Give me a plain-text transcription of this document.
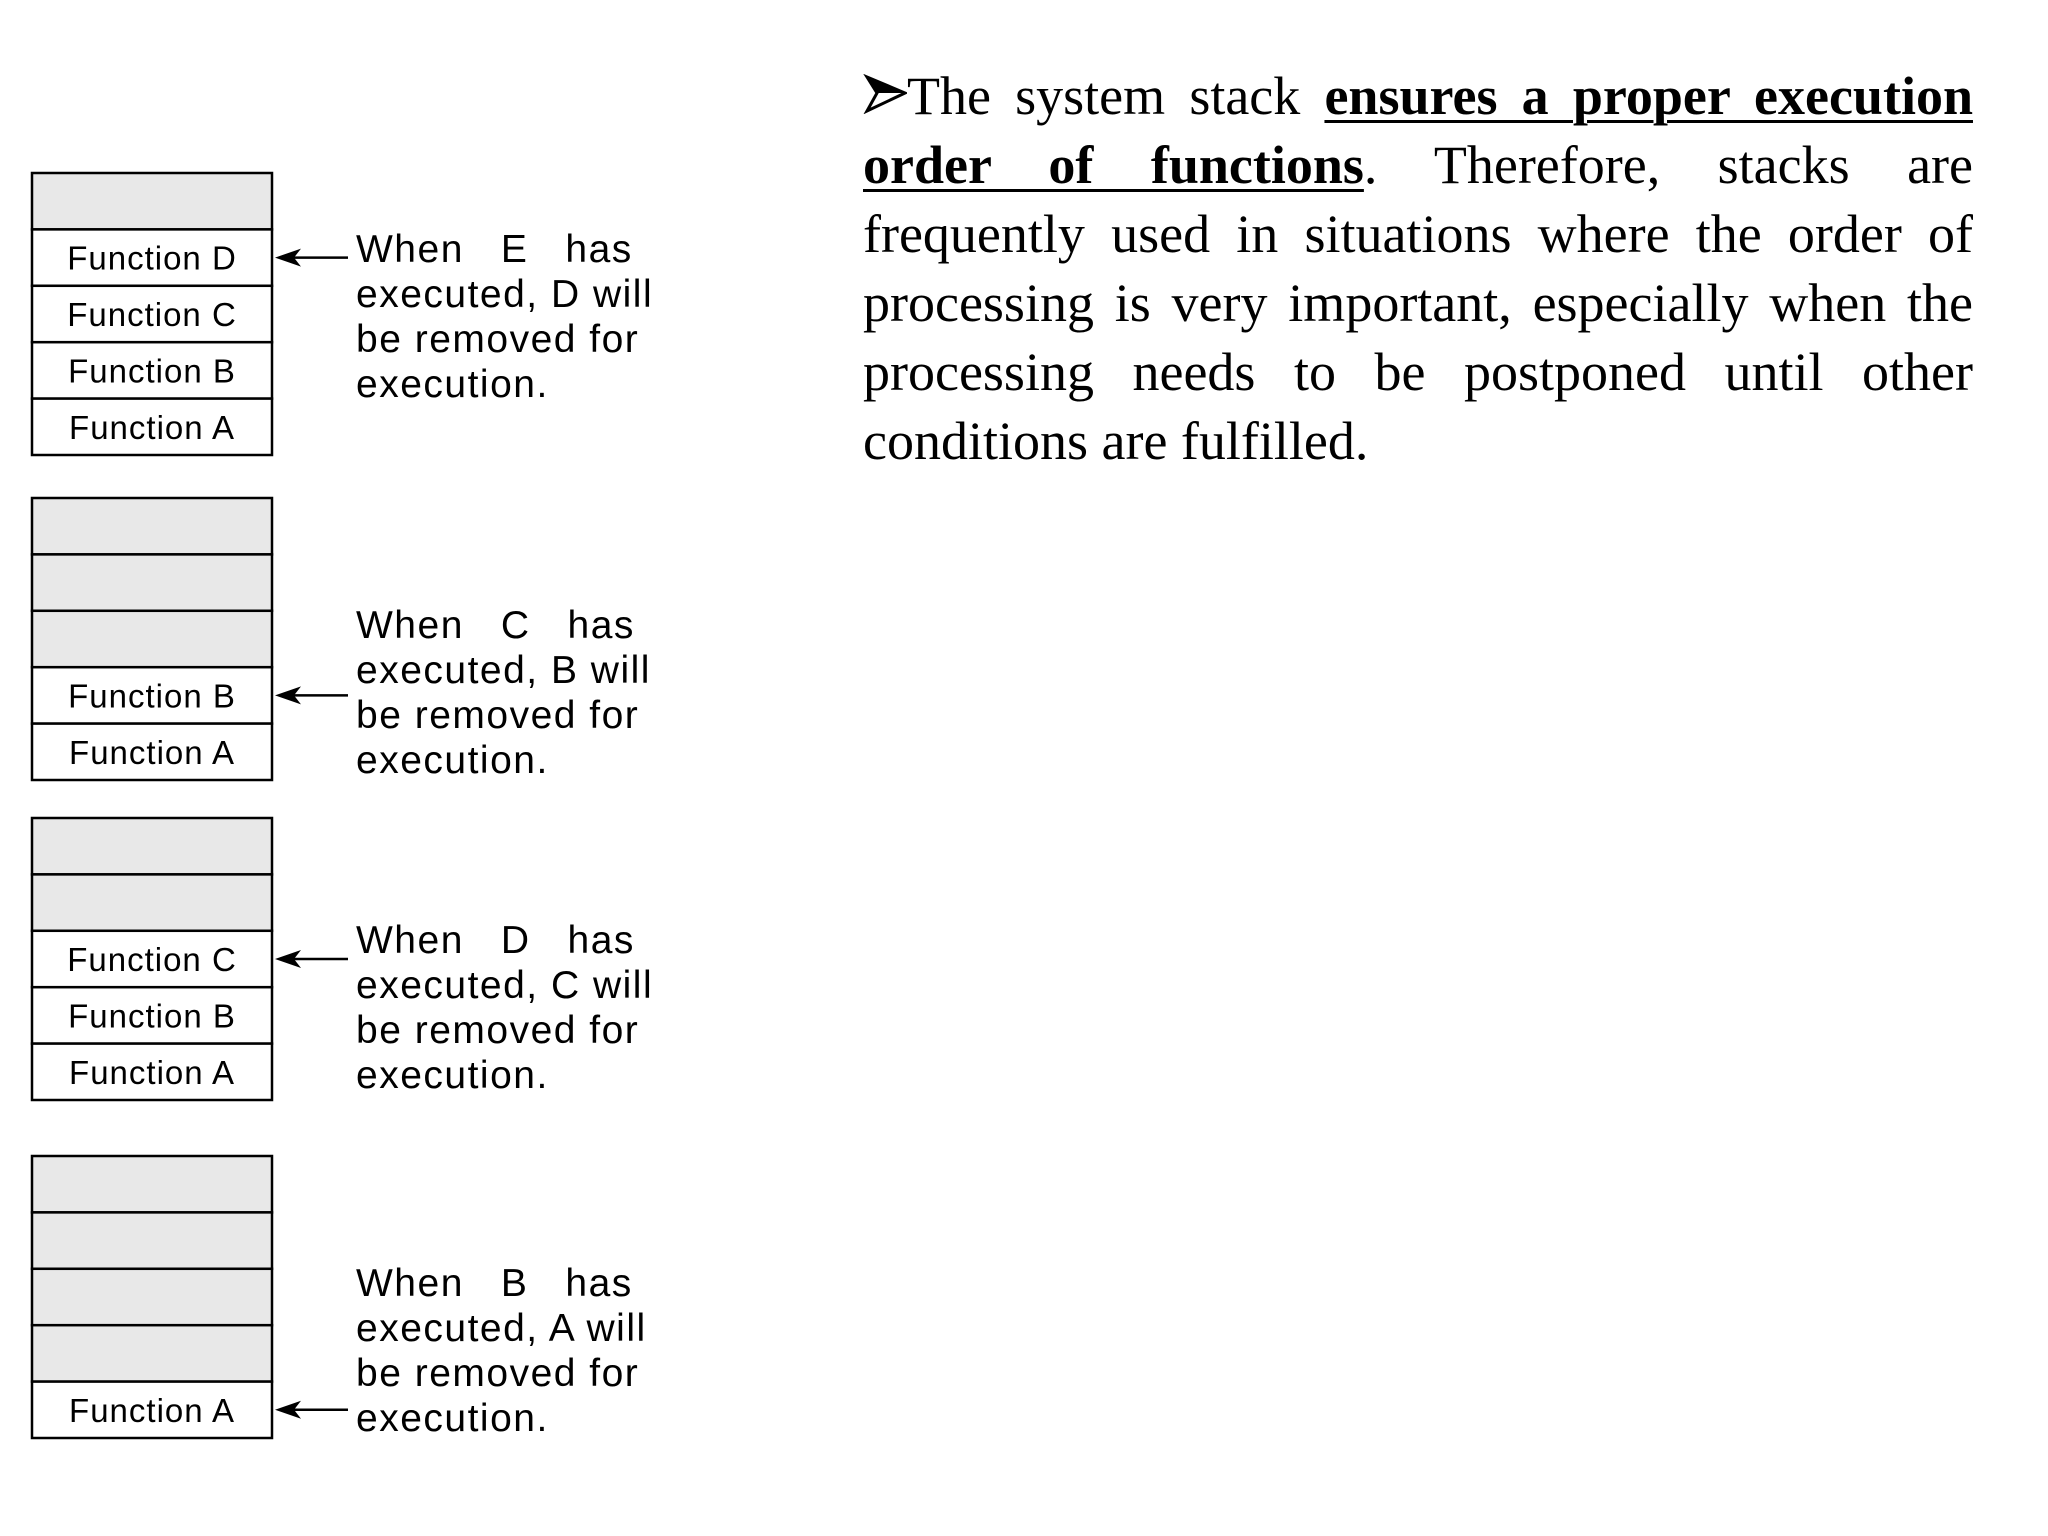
Function D
Function C
Function B
Function A
When   E   has
executed, D will
be removed for
execution.
Function B
Function A
When   C   has
executed, B will
be removed for
execution.
Function C
Function B
Function A
When   D   has
executed, C will
be removed for
execution.
Function A
When   B   has
executed, A will
be removed for
execution.

The system stack ensures a proper execution order of functions. Therefore, stacks are frequently used in situations where the order of processing is very important, especially when the processing needs to be postponed until other conditions are fulfilled.
